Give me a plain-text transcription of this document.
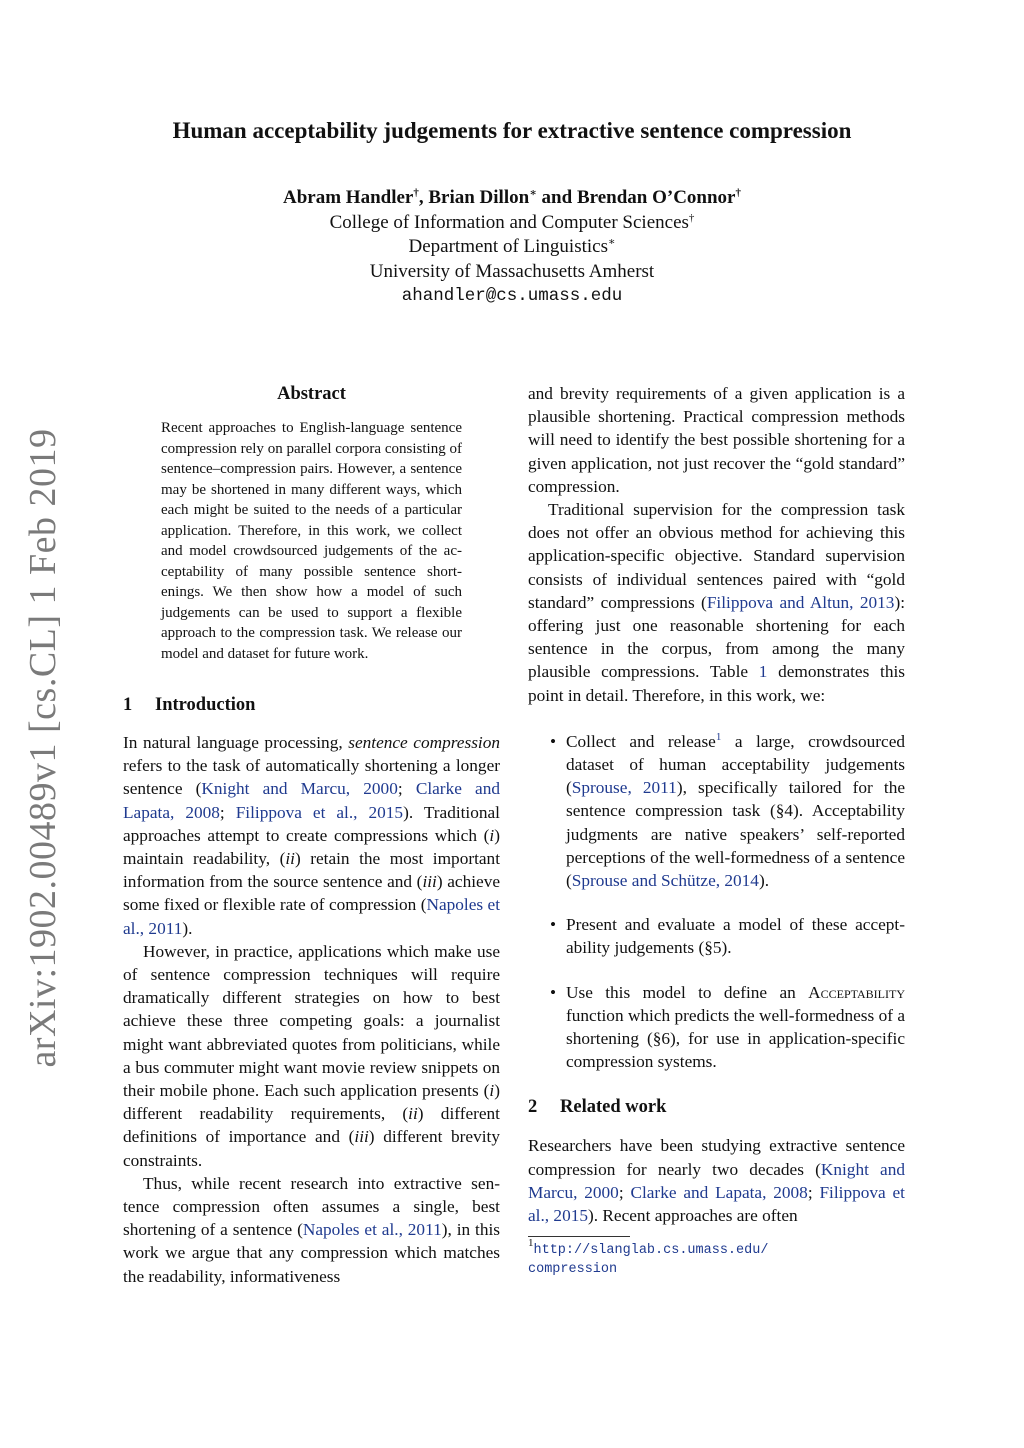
arXiv:1902.00489v1 [cs.CL] 1 Feb 2019
Human acceptability judgements for extractive sentence compression
Abram Handler†, Brian Dillon∗ and Brendan O’Connor†
College of Information and Computer Sciences†
Department of Linguistics∗
University of Massachusetts Amherst
ahandler@cs.umass.edu
Abstract

Recent approaches to English-language sentence compression rely on parallel corpora consisting of sentence–compression pairs. However, a sentence may be shortened in many different ways, which each might be suited to the needs of a particular application. Therefore, in this work, we collect and model crowdsourced judgements of the acceptability of many possible sentence shortenings. We then show how a model of such judgements can be used to support a flexible approach to the compression task. We release our model and dataset for future work.

1 Introduction

In natural language processing, sentence compression refers to the task of automatically shortening a longer sentence (Knight and Marcu, 2000; Clarke and Lapata, 2008; Filippova et al., 2015). Traditional approaches attempt to create compressions which (i) maintain readability, (ii) retain the most important information from the source sentence and (iii) achieve some fixed or flexible rate of compression (Napoles et al., 2011).

However, in practice, applications which make use of sentence compression techniques will require dramatically different strategies on how to best achieve these three competing goals: a journalist might want abbreviated quotes from politicians, while a bus commuter might want movie review snippets on their mobile phone. Each such application presents (i) different readability requirements, (ii) different definitions of importance and (iii) different brevity constraints.

Thus, while recent research into extractive sentence compression often assumes a single, best shortening of a sentence (Napoles et al., 2011), in this work we argue that any compression which matches the readability, informativeness

and brevity requirements of a given application is a plausible shortening. Practical compression methods will need to identify the best possible shortening for a given application, not just recover the “gold standard” compression.

Traditional supervision for the compression task does not offer an obvious method for achieving this application-specific objective. Standard supervision consists of individual sentences paired with “gold standard” compressions (Filippova and Altun, 2013): offering just one reasonable shortening for each sentence in the corpus, from among the many plausible compressions. Table 1 demonstrates this point in detail. Therefore, in this work, we:

• Collect and release$^1$ a large, crowdsourced dataset of human acceptability judgements (Sprouse, 2011), specifically tailored for the sentence compression task (§4). Acceptability judgments are native speakers’ self-reported perceptions of the well-formedness of a sentence (Sprouse and Schütze, 2014).
• Present and evaluate a model of these acceptability judgements (§5).
• Use this model to define an Acceptability function which predicts the well-formedness of a shortening (§6), for use in application-specific compression systems.
2 Related work

Researchers have been studying extractive sentence compression for nearly two decades (Knight and Marcu, 2000; Clarke and Lapata, 2008; Filippova et al., 2015). Recent approaches are often

$^1$http://slanglab.cs.umass.edu/
compression
